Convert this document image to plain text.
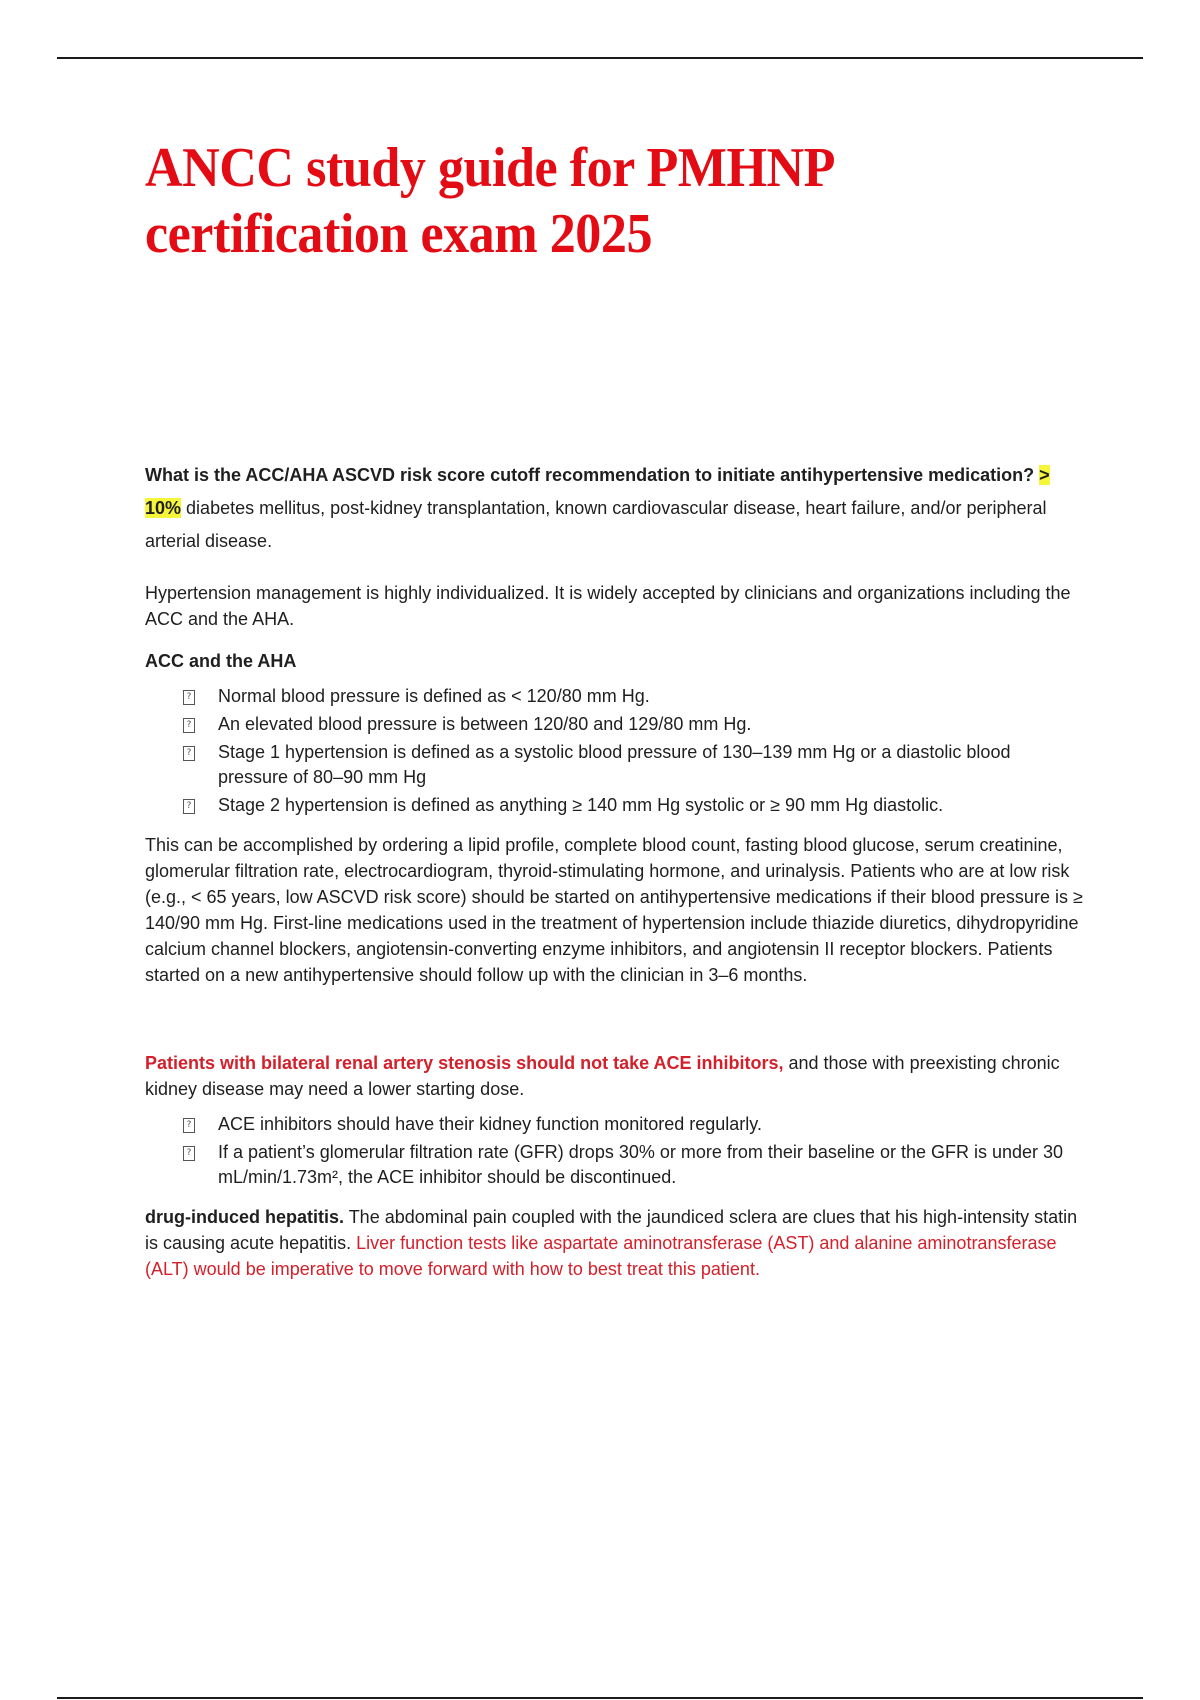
ANCC study guide for PMHNP certification exam 2025

What is the ACC/AHA ASCVD risk score cutoff recommendation to initiate antihypertensive medication? > 10% diabetes mellitus, post-kidney transplantation, known cardiovascular disease, heart failure, and/or peripheral arterial disease.

Hypertension management is highly individualized. It is widely accepted by clinicians and organizations including the ACC and the AHA.

ACC and the AHA

? Normal blood pressure is defined as < 120/80 mm Hg.
? An elevated blood pressure is between 120/80 and 129/80 mm Hg.
? Stage 1 hypertension is defined as a systolic blood pressure of 130–139 mm Hg or a diastolic blood pressure of 80–90 mm Hg
? Stage 2 hypertension is defined as anything ≥ 140 mm Hg systolic or ≥ 90 mm Hg diastolic.

This can be accomplished by ordering a lipid profile, complete blood count, fasting blood glucose, serum creatinine, glomerular filtration rate, electrocardiogram, thyroid-stimulating hormone, and urinalysis. Patients who are at low risk (e.g., < 65 years, low ASCVD risk score) should be started on antihypertensive medications if their blood pressure is ≥ 140/90 mm Hg. First-line medications used in the treatment of hypertension include thiazide diuretics, dihydropyridine calcium channel blockers, angiotensin-converting enzyme inhibitors, and angiotensin II receptor blockers. Patients started on a new antihypertensive should follow up with the clinician in 3–6 months.

Patients with bilateral renal artery stenosis should not take ACE inhibitors, and those with preexisting chronic kidney disease may need a lower starting dose.

? ACE inhibitors should have their kidney function monitored regularly.
? If a patient’s glomerular filtration rate (GFR) drops 30% or more from their baseline or the GFR is under 30 mL/min/1.73m², the ACE inhibitor should be discontinued.

drug-induced hepatitis. The abdominal pain coupled with the jaundiced sclera are clues that his high-intensity statin is causing acute hepatitis. Liver function tests like aspartate aminotransferase (AST) and alanine aminotransferase (ALT) would be imperative to move forward with how to best treat this patient.
